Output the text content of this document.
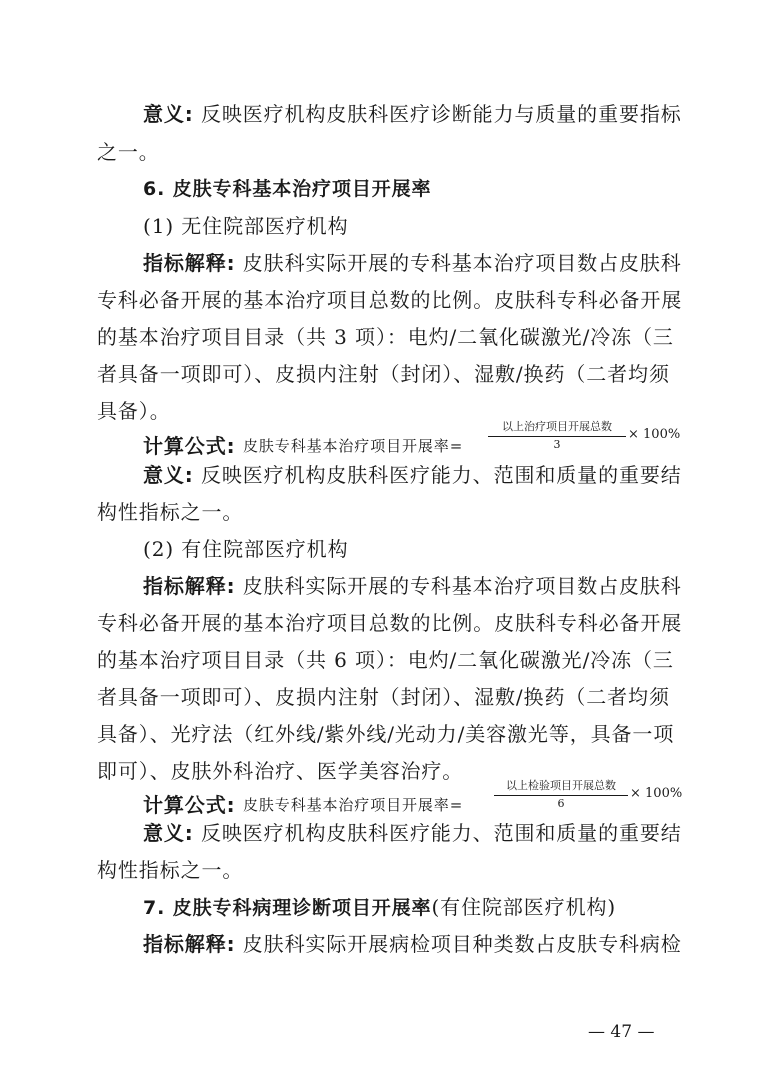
意义: 反映医疗机构皮肤科医疗诊断能力与质量的重要指标
之一。
6. 皮肤专科基本治疗项目开展率
(1) 无住院部医疗机构
指标解释: 皮肤科实际开展的专科基本治疗项目数占皮肤科
专科必备开展的基本治疗项目总数的比例。皮肤科专科必备开展
的基本治疗项目目录（共 3 项）：电灼/二氧化碳激光/冷冻（三
者具备一项即可）、皮损内注射（封闭）、湿敷/换药（二者均须
具备）。
计算公式: 皮肤专科基本治疗项目开展率=
以上治疗项目开展总数
3
× 100%
意义: 反映医疗机构皮肤科医疗能力、范围和质量的重要结
构性指标之一。
(2) 有住院部医疗机构
指标解释: 皮肤科实际开展的专科基本治疗项目数占皮肤科
专科必备开展的基本治疗项目总数的比例。皮肤科专科必备开展
的基本治疗项目目录（共 6 项）：电灼/二氧化碳激光/冷冻（三
者具备一项即可）、皮损内注射（封闭）、湿敷/换药（二者均须
具备）、光疗法（红外线/紫外线/光动力/美容激光等，具备一项
即可）、皮肤外科治疗、医学美容治疗。
计算公式: 皮肤专科基本治疗项目开展率=
以上检验项目开展总数
6
× 100%
意义: 反映医疗机构皮肤科医疗能力、范围和质量的重要结
构性指标之一。
7. 皮肤专科病理诊断项目开展率(有住院部医疗机构)
指标解释: 皮肤科实际开展病检项目种类数占皮肤专科病检
— 47 —
